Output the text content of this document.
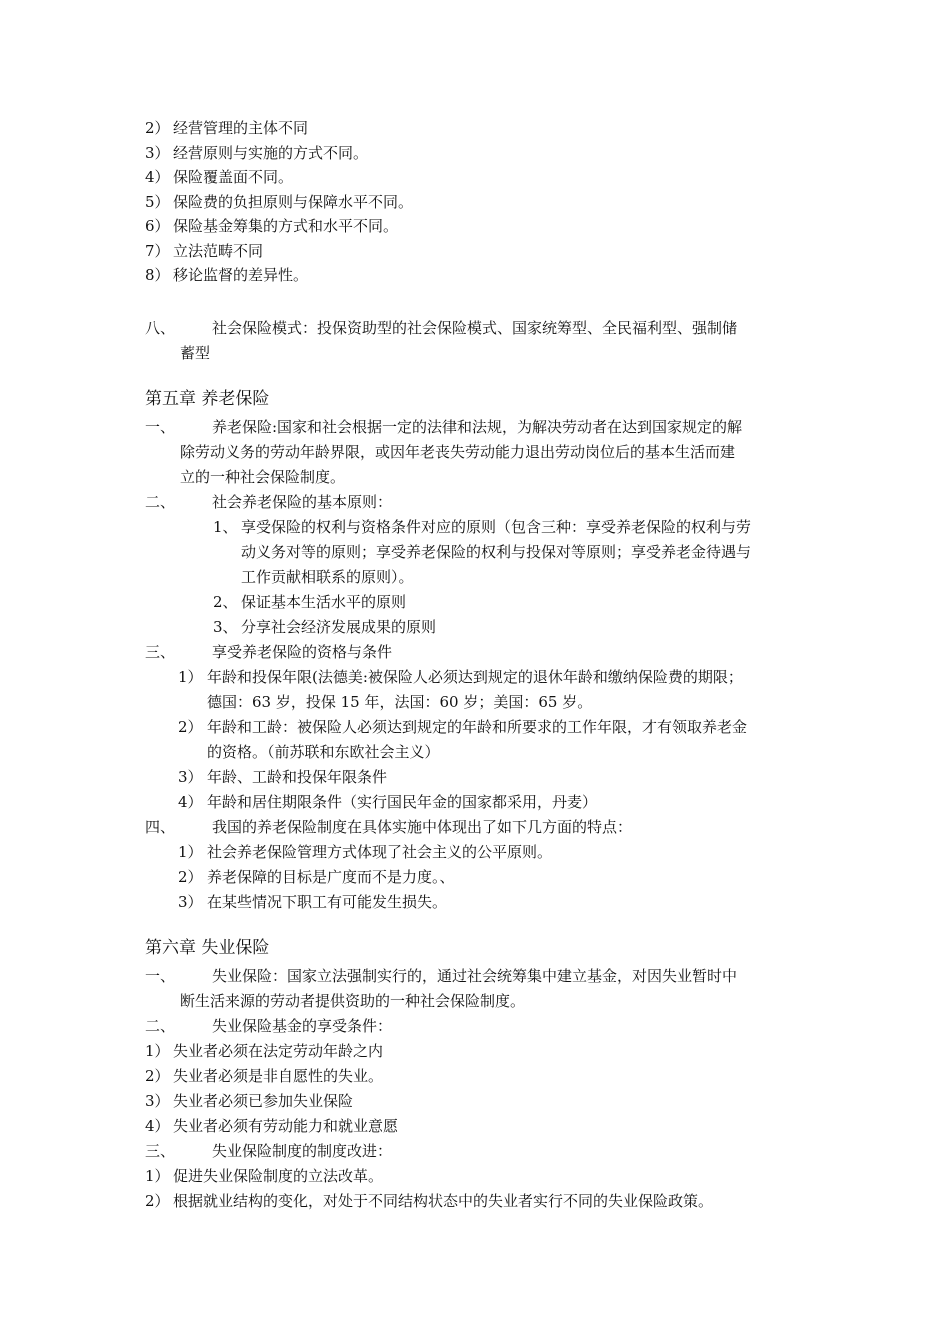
2） 经营管理的主体不同
3） 经营原则与实施的方式不同。
4） 保险覆盖面不同。
5） 保险费的负担原则与保障水平不同。
6） 保险基金筹集的方式和水平不同。
7） 立法范畴不同
8） 移论监督的差异性。
八、 社会保险模式：投保资助型的社会保险模式、国家统筹型、全民福利型、强制储
蓄型
第五章 养老保险
一、 养老保险:国家和社会根据一定的法律和法规，为解决劳动者在达到国家规定的解
除劳动义务的劳动年龄界限，或因年老丧失劳动能力退出劳动岗位后的基本生活而建
立的一种社会保险制度。
二、 社会养老保险的基本原则：
1、 享受保险的权利与资格条件对应的原则（包含三种：享受养老保险的权利与劳
动义务对等的原则；享受养老保险的权利与投保对等原则；享受养老金待遇与
工作贡献相联系的原则）。
2、 保证基本生活水平的原则
3、 分享社会经济发展成果的原则
三、 享受养老保险的资格与条件
1） 年龄和投保年限(法德美:被保险人必须达到规定的退休年龄和缴纳保险费的期限；
德国：63 岁，投保 15 年，法国：60 岁；美国：65 岁。
2） 年龄和工龄：被保险人必须达到规定的年龄和所要求的工作年限，才有领取养老金
的资格。（前苏联和东欧社会主义）
3） 年龄、工龄和投保年限条件
4） 年龄和居住期限条件（实行国民年金的国家都采用，丹麦）
四、 我国的养老保险制度在具体实施中体现出了如下几方面的特点：
1） 社会养老保险管理方式体现了社会主义的公平原则。
2） 养老保障的目标是广度而不是力度。、
3） 在某些情况下职工有可能发生损失。
第六章 失业保险
一、 失业保险：国家立法强制实行的，通过社会统筹集中建立基金，对因失业暂时中
断生活来源的劳动者提供资助的一种社会保险制度。
二、 失业保险基金的享受条件：
1） 失业者必须在法定劳动年龄之内
2） 失业者必须是非自愿性的失业。
3） 失业者必须已参加失业保险
4） 失业者必须有劳动能力和就业意愿
三、 失业保险制度的制度改进：
1） 促进失业保险制度的立法改革。
2） 根据就业结构的变化，对处于不同结构状态中的失业者实行不同的失业保险政策。
